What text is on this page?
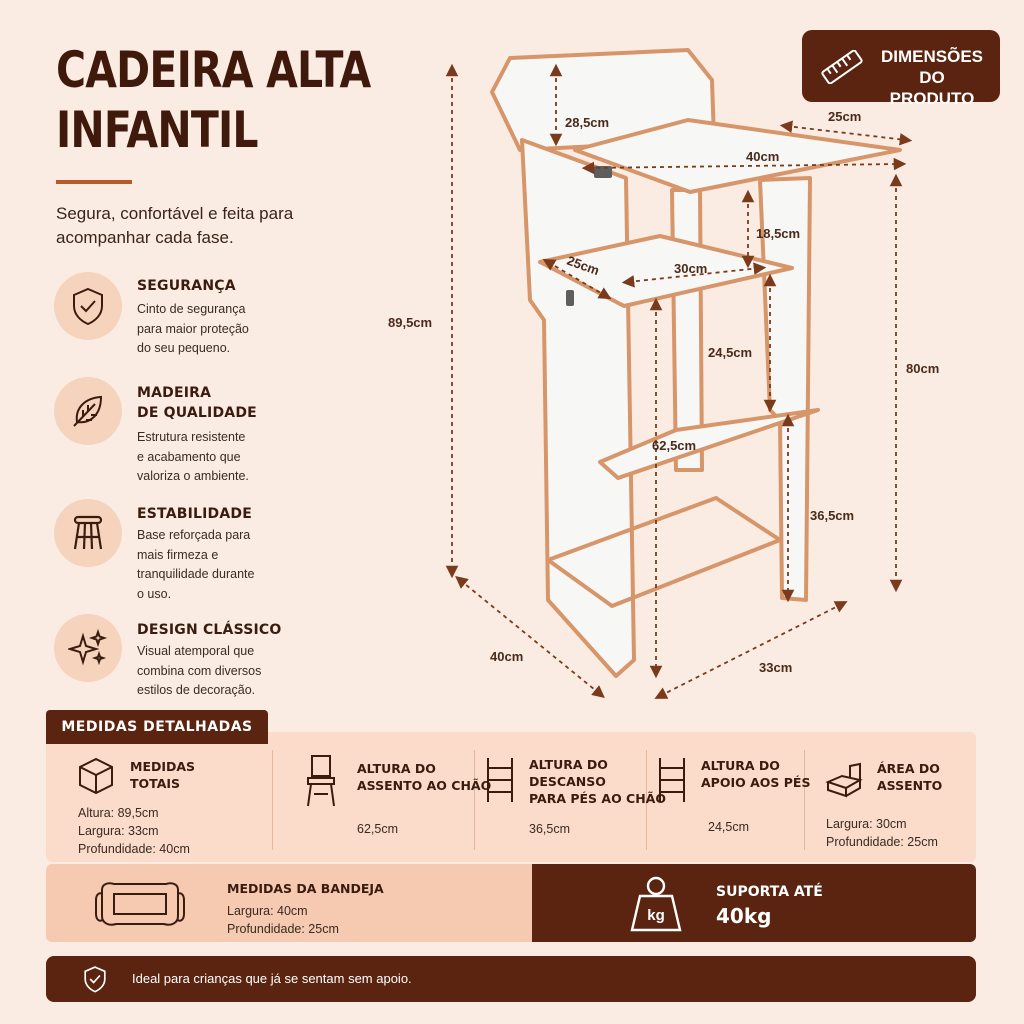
CADEIRA ALTA
INFANTIL
Segura, confortável e feita para acompanhar cada fase.
DIMENSÕES
DO PRODUTO
SEGURANÇA
Cinto de segurança
para maior proteção
do seu pequeno.
MADEIRA
DE QUALIDADE
Estrutura resistente
e acabamento que
valoriza o ambiente.
ESTABILIDADE
Base reforçada para
mais firmeza e
tranquilidade durante
o uso.
DESIGN CLÁSSICO
Visual atemporal que
combina com diversos
estilos de decoração.
89,5cm
28,5cm	25cm
40cm
18,5cm
25cm	30cm
24,5cm
62,5cm
80cm
36,5cm
40cm
33cm
MEDIDAS DETALHADAS
MEDIDAS
TOTAIS
Altura: 89,5cm
Largura: 33cm
Profundidade: 40cm
ALTURA DO
ASSENTO AO CHÃO
62,5cm
ALTURA DO
DESCANSO
PARA PÉS AO CHÃO
36,5cm
ALTURA DO
APOIO AOS PÉS
24,5cm
ÁREA DO
ASSENTO
Largura: 30cm
Profundidade: 25cm
MEDIDAS DA BANDEJA
Largura: 40cm
Profundidade: 25cm
kg
SUPORTA ATÉ
40kg
Ideal para crianças que já se sentam sem apoio.
